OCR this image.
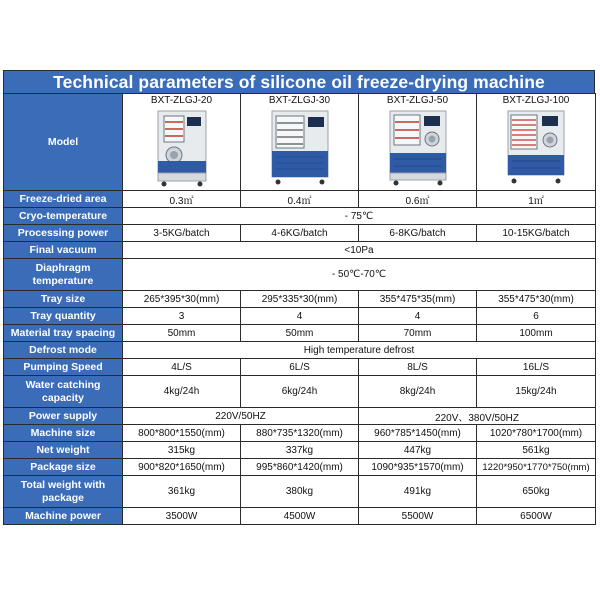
Technical parameters of silicone oil freeze-drying machine
Model	BXT-ZLGJ-20	BXT-ZLGJ-30	BXT-ZLGJ-50	BXT-ZLGJ-100

Freeze-dried area	0.3㎡	0.4㎡	0.6㎡	1㎡
Cryo-temperature	- 75℃			
Processing power	3-5KG/batch	4-6KG/batch	6-8KG/batch	10-15KG/batch
Final vacuum	<10Pa			
Diaphragm temperature	- 50℃-70℃			
Tray size	265*395*30(mm)	295*335*30(mm)	355*475*35(mm)	355*475*30(mm)
Tray quantity	3	4	4	6
Material tray spacing	50mm	50mm	70mm	100mm
Defrost mode	High temperature defrost			
Pumping Speed	4L/S	6L/S	8L/S	16L/S
Water catching capacity	4kg/24h	6kg/24h	8kg/24h	15kg/24h
Power supply	220V/50HZ		220V、380V/50HZ	
Machine size	800*800*1550(mm)	880*735*1320(mm)	960*785*1450(mm)	1020*780*1700(mm)
Net weight	315kg	337kg	447kg	561kg
Package size	900*820*1650(mm)	995*860*1420(mm)	1090*935*1570(mm)	1220*950*1770*750(mm)
Total weight with package	361kg	380kg	491kg	650kg
Machine power	3500W	4500W	5500W	6500W
